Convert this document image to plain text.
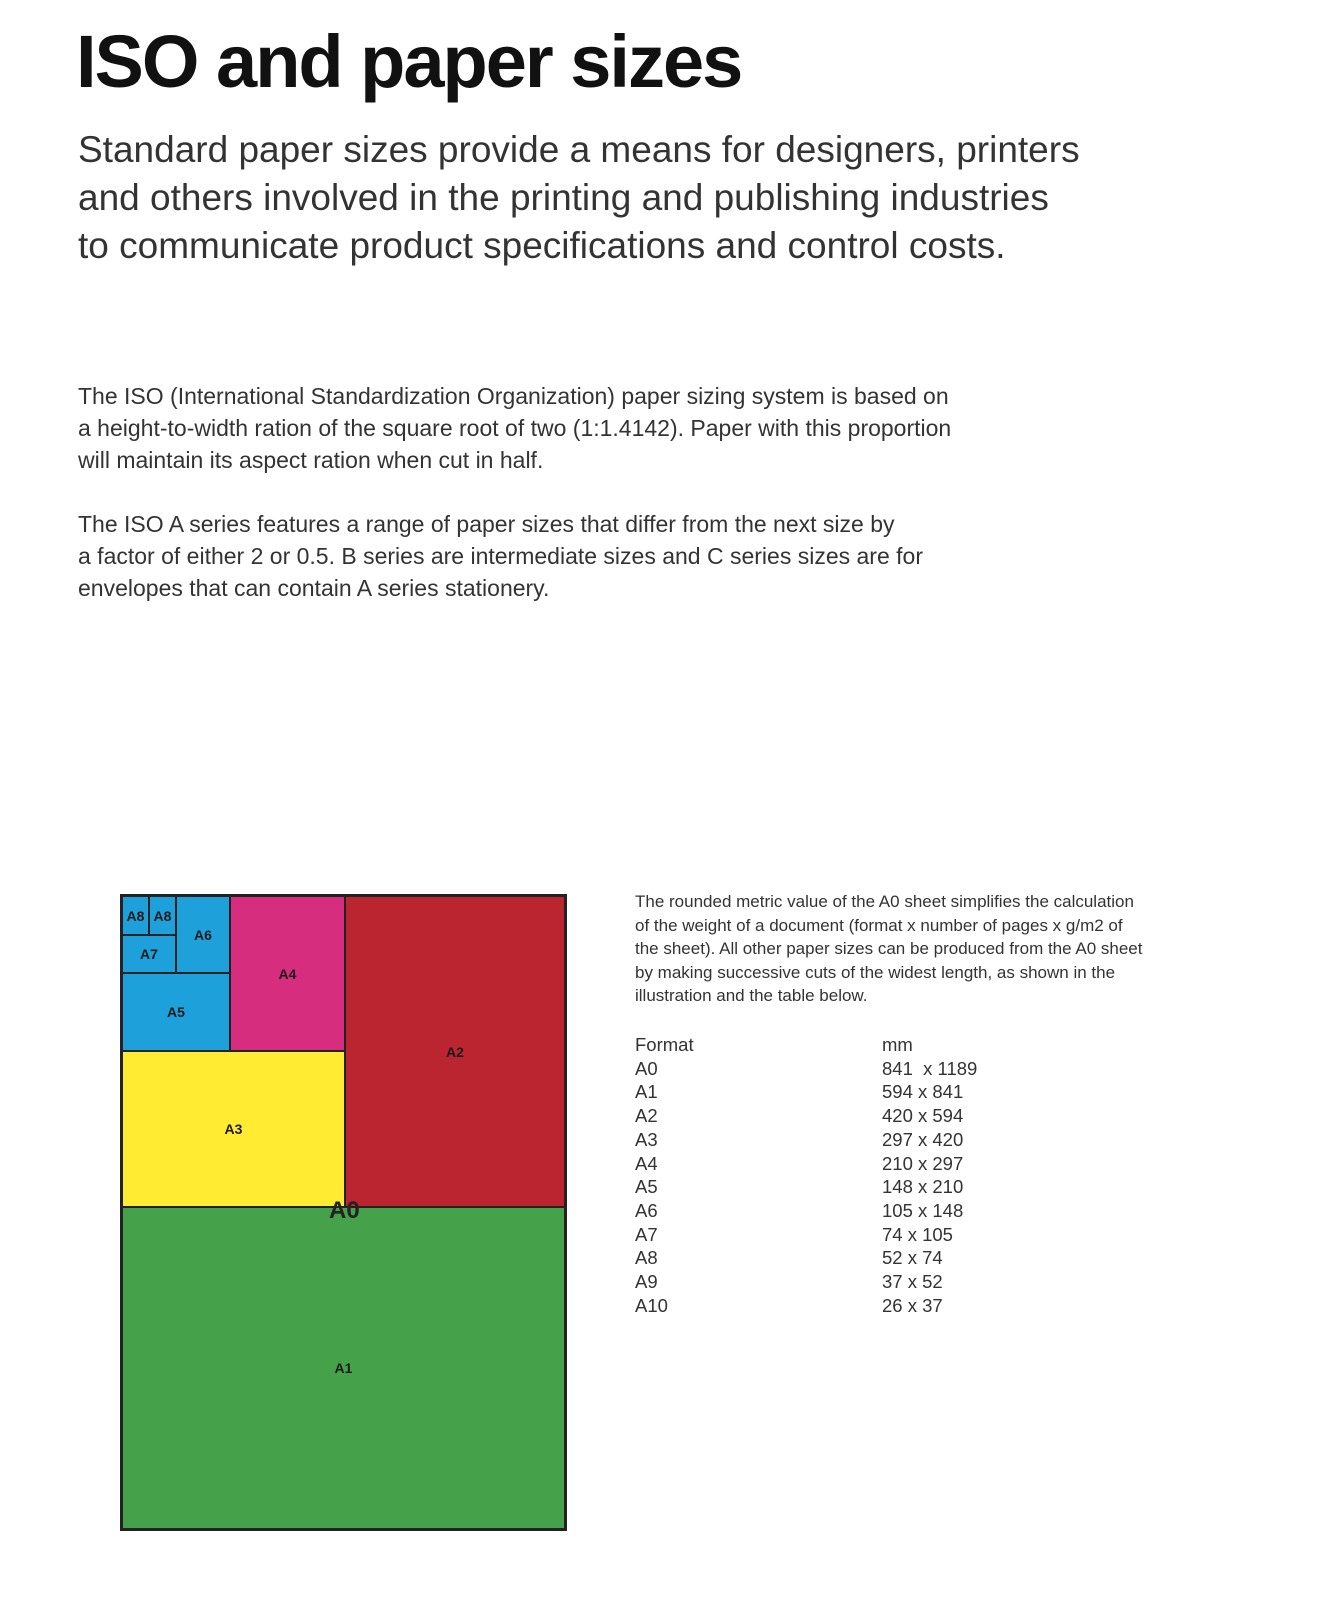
ISO and paper sizes

Standard paper sizes provide a means for designers, printers
and others involved in the printing and publishing industries
to communicate product specifications and control costs.

The ISO (International Standardization Organization) paper sizing system is based on
a height-to-width ration of the square root of two (1:1.4142). Paper with this proportion
will maintain its aspect ration when cut in half.

The ISO A series features a range of paper sizes that differ from the next size by
a factor of either 2 or 0.5. B series are intermediate sizes and C series sizes are for
envelopes that can contain A series stationery.

A1
A2
A3
A4
A5
A6
A7
A8 A8
A0

The rounded metric value of the A0 sheet simplifies the calculation
of the weight of a document (format x number of pages x g/m2 of
the sheet). All other paper sizes can be produced from the A0 sheet
by making successive cuts of the widest length, as shown in the
illustration and the table below.

Format	mm
A0	841  x 1189
A1	594 x 841
A2	420 x 594
A3	297 x 420
A4	210 x 297
A5	148 x 210
A6	105 x 148
A7	74 x 105
A8	52 x 74
A9	37 x 52
A10	26 x 37
